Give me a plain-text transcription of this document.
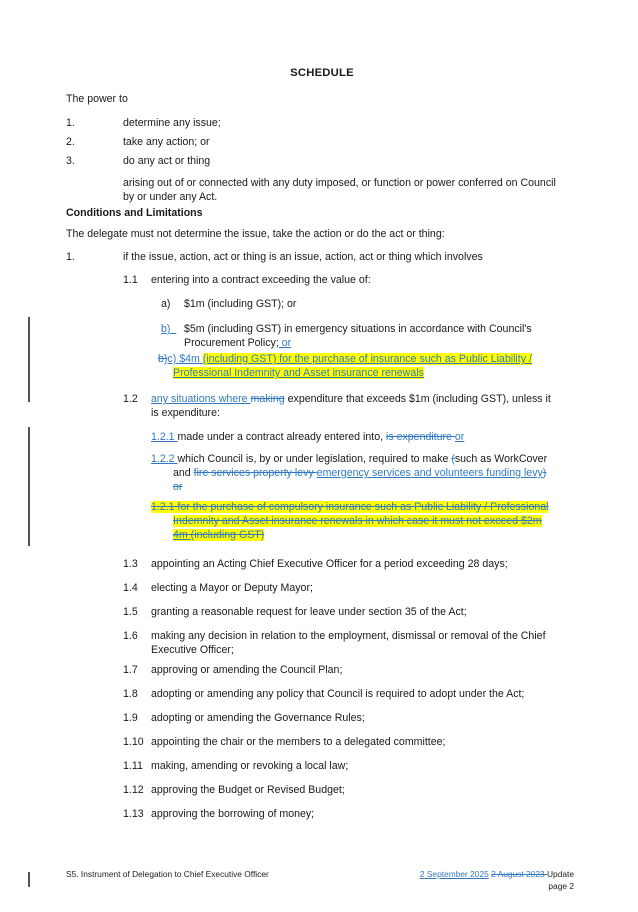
SCHEDULE
The power to
1.	determine any issue;
2.	take any action; or
3.	do any act or thing
arising out of or connected with any duty imposed, or function or power conferred on Council
by or under any Act.
Conditions and Limitations
The delegate must not determine the issue, take the action or do the act or thing:
1.	if the issue, action, act or thing is an issue, action, act or thing which involves
1.1 entering into a contract exceeding the value of:
a) $1m (including GST); or
b) $5m (including GST) in emergency situations in accordance with Council's
Procurement Policy; or
b)c) $4m (including GST) for the purchase of insurance such as Public Liability /
Professional Indemnity and Asset insurance renewals
1.2 any situations where making expenditure that exceeds $1m (including GST), unless it
is expenditure:
1.2.1 made under a contract already entered into, is expenditure or
1.2.2 which Council is, by or under legislation, required to make (such as WorkCover
and fire services property levy emergency services and volunteers funding levy)
or
1.2.1 for the purchase of compulsory insurance such as Public Liability / Professional
Indemnity and Asset insurance renewals in which case it must not exceed $2m
4m (including GST)
1.3 appointing an Acting Chief Executive Officer for a period exceeding 28 days;
1.4 electing a Mayor or Deputy Mayor;
1.5 granting a reasonable request for leave under section 35 of the Act;
1.6 making any decision in relation to the employment, dismissal or removal of the Chief
Executive Officer;
1.7 approving or amending the Council Plan;
1.8 adopting or amending any policy that Council is required to adopt under the Act;
1.9 adopting or amending the Governance Rules;
1.10 appointing the chair or the members to a delegated committee;
1.11 making, amending or revoking a local law;
1.12 approving the Budget or Revised Budget;
1.13 approving the borrowing of money;
S5. Instrument of Delegation to Chief Executive Officer	2 September 2025 2 August 2023 Update
page 2
